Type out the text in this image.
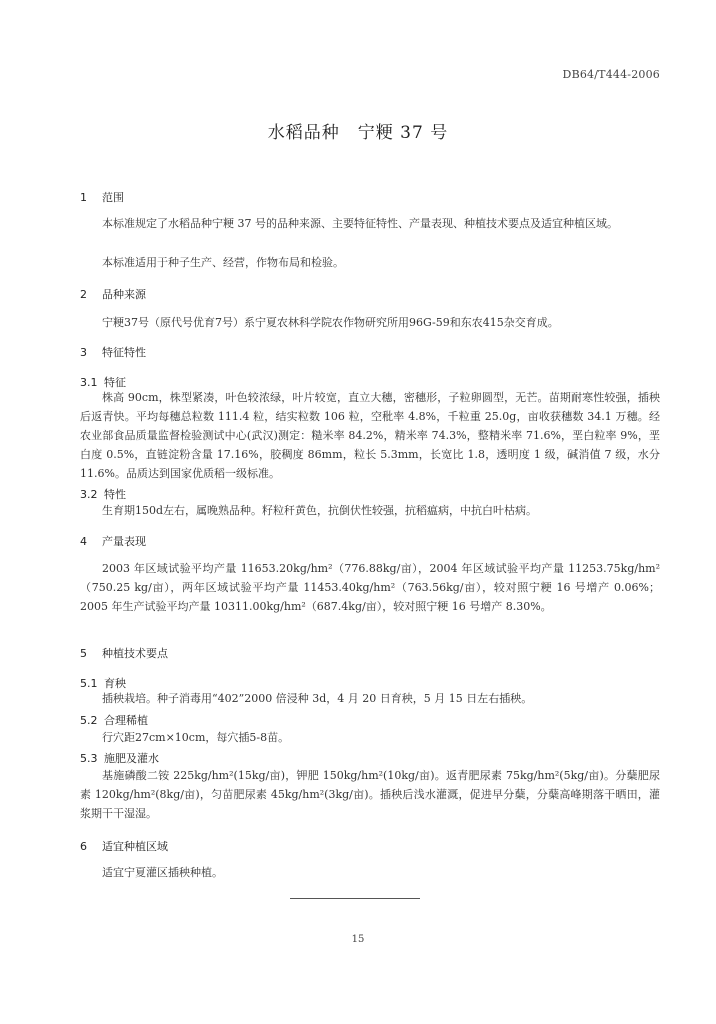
DB64/T444-2006
水稻品种　宁粳 37 号
1 范围
本标准规定了水稻品种宁粳 37 号的品种来源、主要特征特性、产量表现、种植技术要点及适宜种植区域。
本标准适用于种子生产、经营，作物布局和检验。
2 品种来源
宁粳37号（原代号优育7号）系宁夏农林科学院农作物研究所用96G-59和东农415杂交育成。
3 特征特性
3.1 特征
株高 90cm，株型紧凑，叶色较浓绿，叶片较宽，直立大穗，密穗形，子粒卵圆型，无芒。苗期耐寒性较强，插秧后返青快。平均每穗总粒数 111.4 粒，结实粒数 106 粒，空秕率 4.8%，千粒重 25.0g，亩收获穗数 34.1 万穗。经农业部食品质量监督检验测试中心(武汉)测定：糙米率 84.2%，精米率 74.3%，整精米率 71.6%，垩白粒率 9%，垩白度 0.5%，直链淀粉含量 17.16%，胶稠度 86mm，粒长 5.3mm，长宽比 1.8，透明度 1 级，碱消值 7 级，水分 11.6%。品质达到国家优质稻一级标准。
3.2 特性
生育期150d左右，属晚熟品种。籽粒秆黄色，抗倒伏性较强，抗稻瘟病，中抗白叶枯病。
4 产量表现
2003 年区域试验平均产量 11653.20kg/hm²（776.88kg/亩），2004 年区域试验平均产量 11253.75kg/hm²（750.25 kg/亩），两年区域试验平均产量 11453.40kg/hm²（763.56kg/亩），较对照宁粳 16 号增产 0.06%；2005 年生产试验平均产量 10311.00kg/hm²（687.4kg/亩），较对照宁粳 16 号增产 8.30%。
5 种植技术要点
5.1 育秧
插秧栽培。种子消毒用“402”2000 倍浸种 3d，4 月 20 日育秧，5 月 15 日左右插秧。
5.2 合理稀植
行穴距27cm×10cm，每穴插5-8苗。
5.3 施肥及灌水
基施磷酸二铵 225kg/hm²(15kg/亩)，钾肥 150kg/hm²(10kg/亩)。返青肥尿素 75kg/hm²(5kg/亩)。分蘖肥尿素 120kg/hm²(8kg/亩)，匀苗肥尿素 45kg/hm²(3kg/亩)。插秧后浅水灌溉，促进早分蘖，分蘖高峰期落干晒田，灌浆期干干湿湿。
6 适宜种植区域
适宜宁夏灌区插秧种植。
15
